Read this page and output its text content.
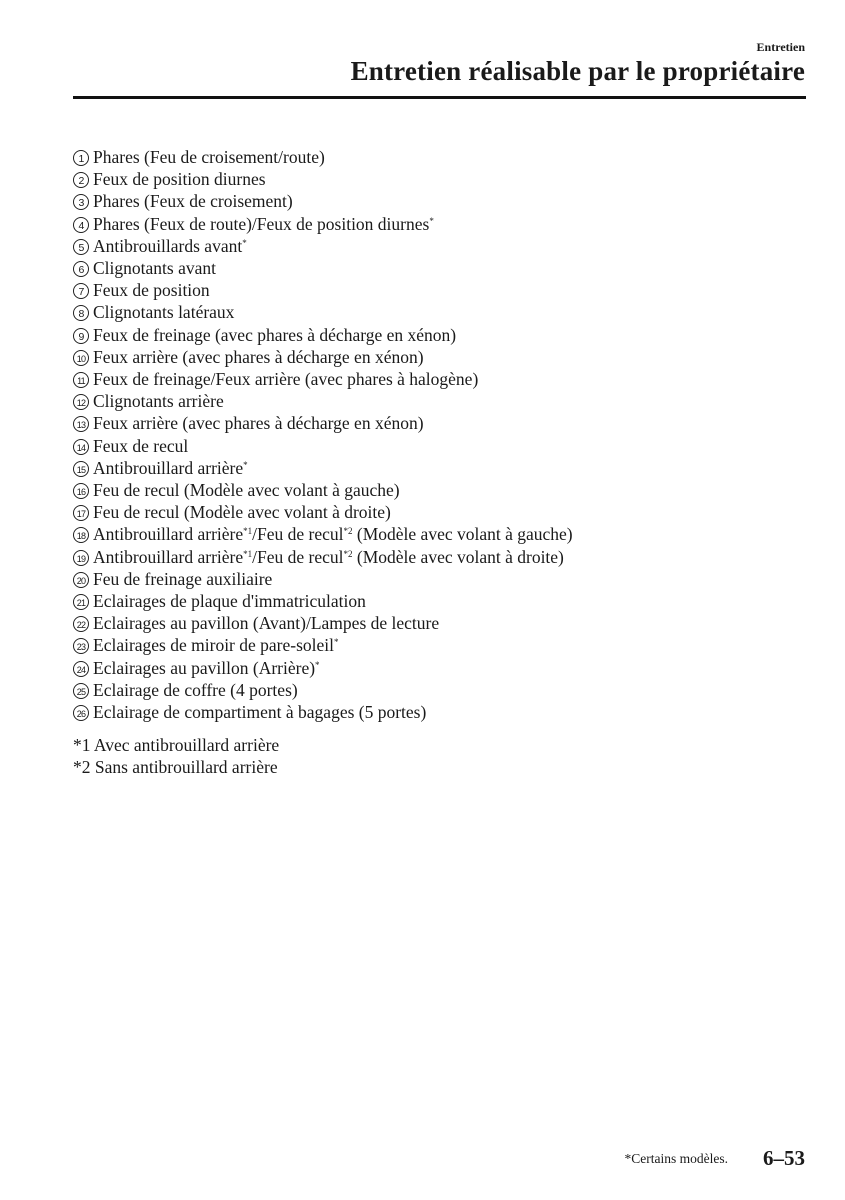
Entretien
Entretien réalisable par le propriétaire
1 Phares (Feu de croisement/route)
2 Feux de position diurnes
3 Phares (Feux de croisement)
4 Phares (Feux de route)/Feux de position diurnes*
5 Antibrouillards avant*
6 Clignotants avant
7 Feux de position
8 Clignotants latéraux
9 Feux de freinage (avec phares à décharge en xénon)
10 Feux arrière (avec phares à décharge en xénon)
11 Feux de freinage/Feux arrière (avec phares à halogène)
12 Clignotants arrière
13 Feux arrière (avec phares à décharge en xénon)
14 Feux de recul
15 Antibrouillard arrière*
16 Feu de recul (Modèle avec volant à gauche)
17 Feu de recul (Modèle avec volant à droite)
18 Antibrouillard arrière$^{*1}$/Feu de recul$^{*2}$ (Modèle avec volant à gauche)
19 Antibrouillard arrière$^{*1}$/Feu de recul$^{*2}$ (Modèle avec volant à droite)
20 Feu de freinage auxiliaire
21 Eclairages de plaque d'immatriculation
22 Eclairages au pavillon (Avant)/Lampes de lecture
23 Eclairages de miroir de pare-soleil*
24 Eclairages au pavillon (Arrière)*
25 Eclairage de coffre (4 portes)
26 Eclairage de compartiment à bagages (5 portes)
*1 Avec antibrouillard arrière
*2 Sans antibrouillard arrière
*Certains modèles. 6–53
